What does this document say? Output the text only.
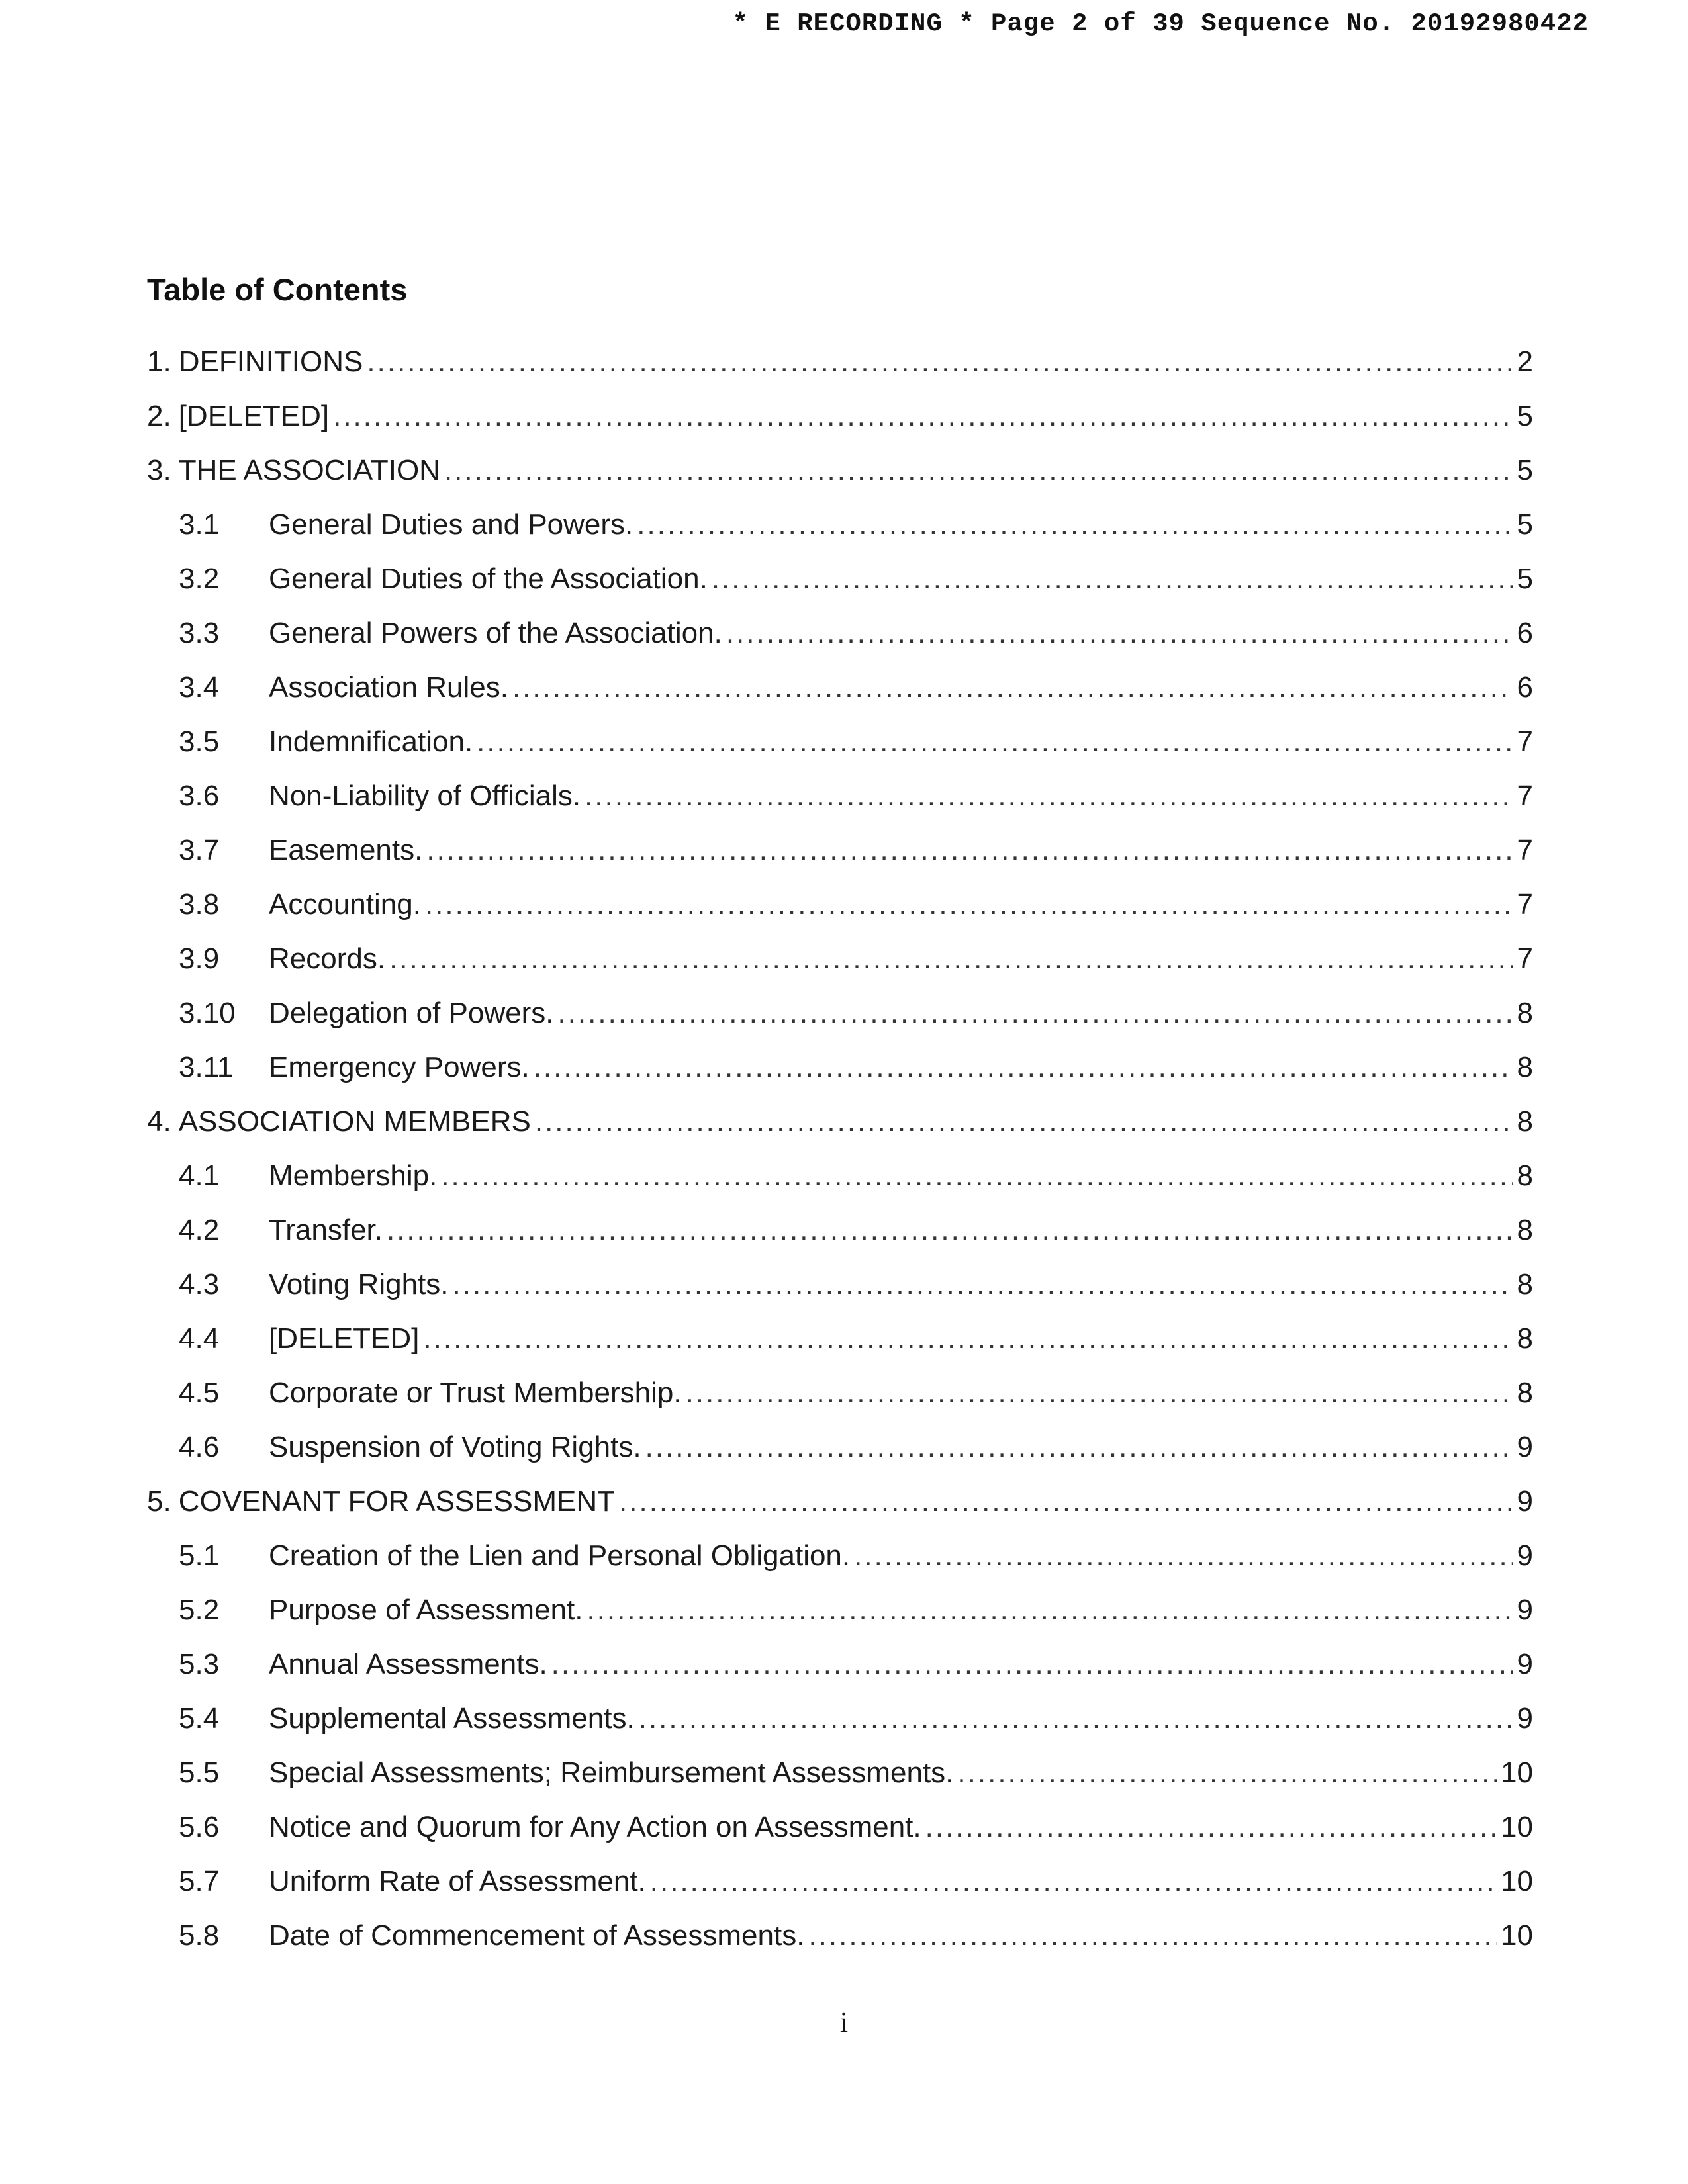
* E RECORDING * Page 2 of 39 Sequence No. 20192980422
Table of Contents
1. DEFINITIONS .....	2
2. [DELETED] .....	5
3. THE ASSOCIATION .....	5
3.1	General Duties and Powers. .....	5
3.2	General Duties of the Association. .....	5
3.3	General Powers of the Association. .....	6
3.4	Association Rules. .....	6
3.5	Indemnification. .....	7
3.6	Non-Liability of Officials. .....	7
3.7	Easements. .....	7
3.8	Accounting. .....	7
3.9	Records. .....	7
3.10	Delegation of Powers. .....	8
3.11	Emergency Powers. .....	8
4. ASSOCIATION MEMBERS .....	8
4.1	Membership. .....	8
4.2	Transfer. .....	8
4.3	Voting Rights. .....	8
4.4	[DELETED] .....	8
4.5	Corporate or Trust Membership. .....	8
4.6	Suspension of Voting Rights. .....	9
5. COVENANT FOR ASSESSMENT .....	9
5.1	Creation of the Lien and Personal Obligation. .....	9
5.2	Purpose of Assessment. .....	9
5.3	Annual Assessments. .....	9
5.4	Supplemental Assessments. .....	9
5.5	Special Assessments; Reimbursement Assessments. .....	10
5.6	Notice and Quorum for Any Action on Assessment. .....	10
5.7	Uniform Rate of Assessment. .....	10
5.8	Date of Commencement of Assessments. .....	10
i
